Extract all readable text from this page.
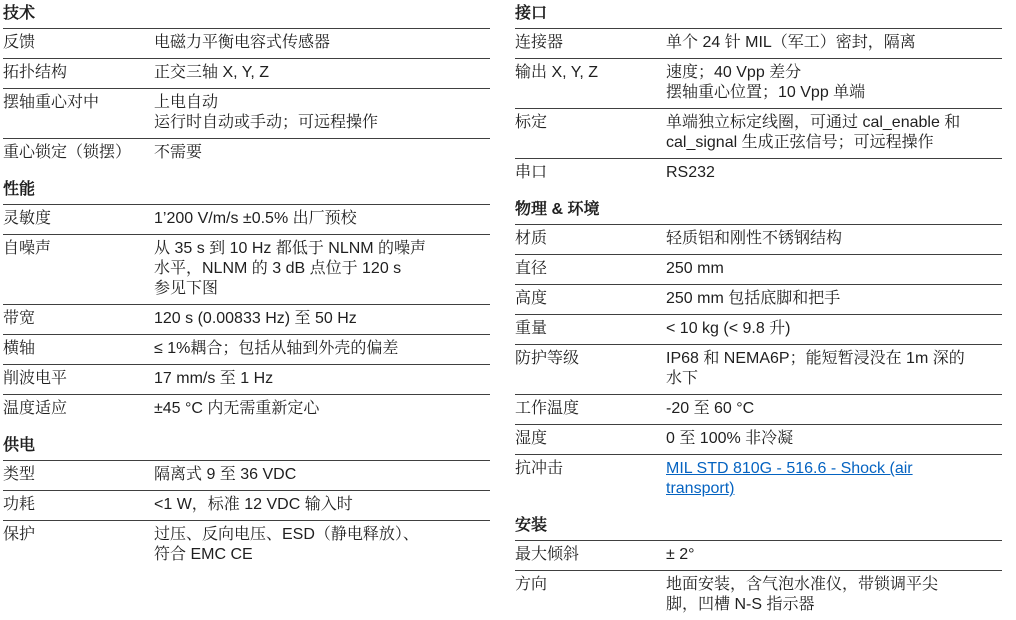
技术
反馈	电磁力平衡电容式传感器
拓扑结构	正交三轴 X, Y, Z
摆轴重心对中	上电自动
运行时自动或手动；可远程操作
重心锁定（锁摆）	不需要
性能
灵敏度	1’200 V/m/s ±0.5% 出厂预校
自噪声	从 35 s 到 10 Hz 都低于 NLNM 的噪声
水平，NLNM 的 3 dB 点位于 120 s
参见下图
带宽	120 s (0.00833 Hz) 至 50 Hz
横轴	≤ 1%耦合；包括从轴到外壳的偏差
削波电平	17 mm/s 至 1 Hz
温度适应	±45 °C 内无需重新定心
供电
类型	隔离式 9 至 36 VDC
功耗	<1 W，标准 12 VDC 输入时
保护	过压、反向电压、ESD（静电释放）、
符合 EMC CE
接口
连接器	单个 24 针 MIL（军工）密封，隔离
输出 X, Y, Z	速度；40 Vpp 差分
摆轴重心位置；10 Vpp 单端
标定	单端独立标定线圈，可通过 cal_enable 和
cal_signal 生成正弦信号；可远程操作
串口	RS232
物理 & 环境
材质	轻质铝和刚性不锈钢结构
直径	250 mm
高度	250 mm 包括底脚和把手
重量	< 10 kg (< 9.8 升)
防护等级	IP68 和 NEMA6P；能短暂浸没在 1m 深的
水下
工作温度	-20 至 60 °C
湿度	0 至 100% 非冷凝
抗冲击	MIL STD 810G - 516.6 - Shock (air
transport)
安装
最大倾斜	± 2°
方向	地面安装，含气泡水准仪，带锁调平尖
脚，凹槽 N-S 指示器
